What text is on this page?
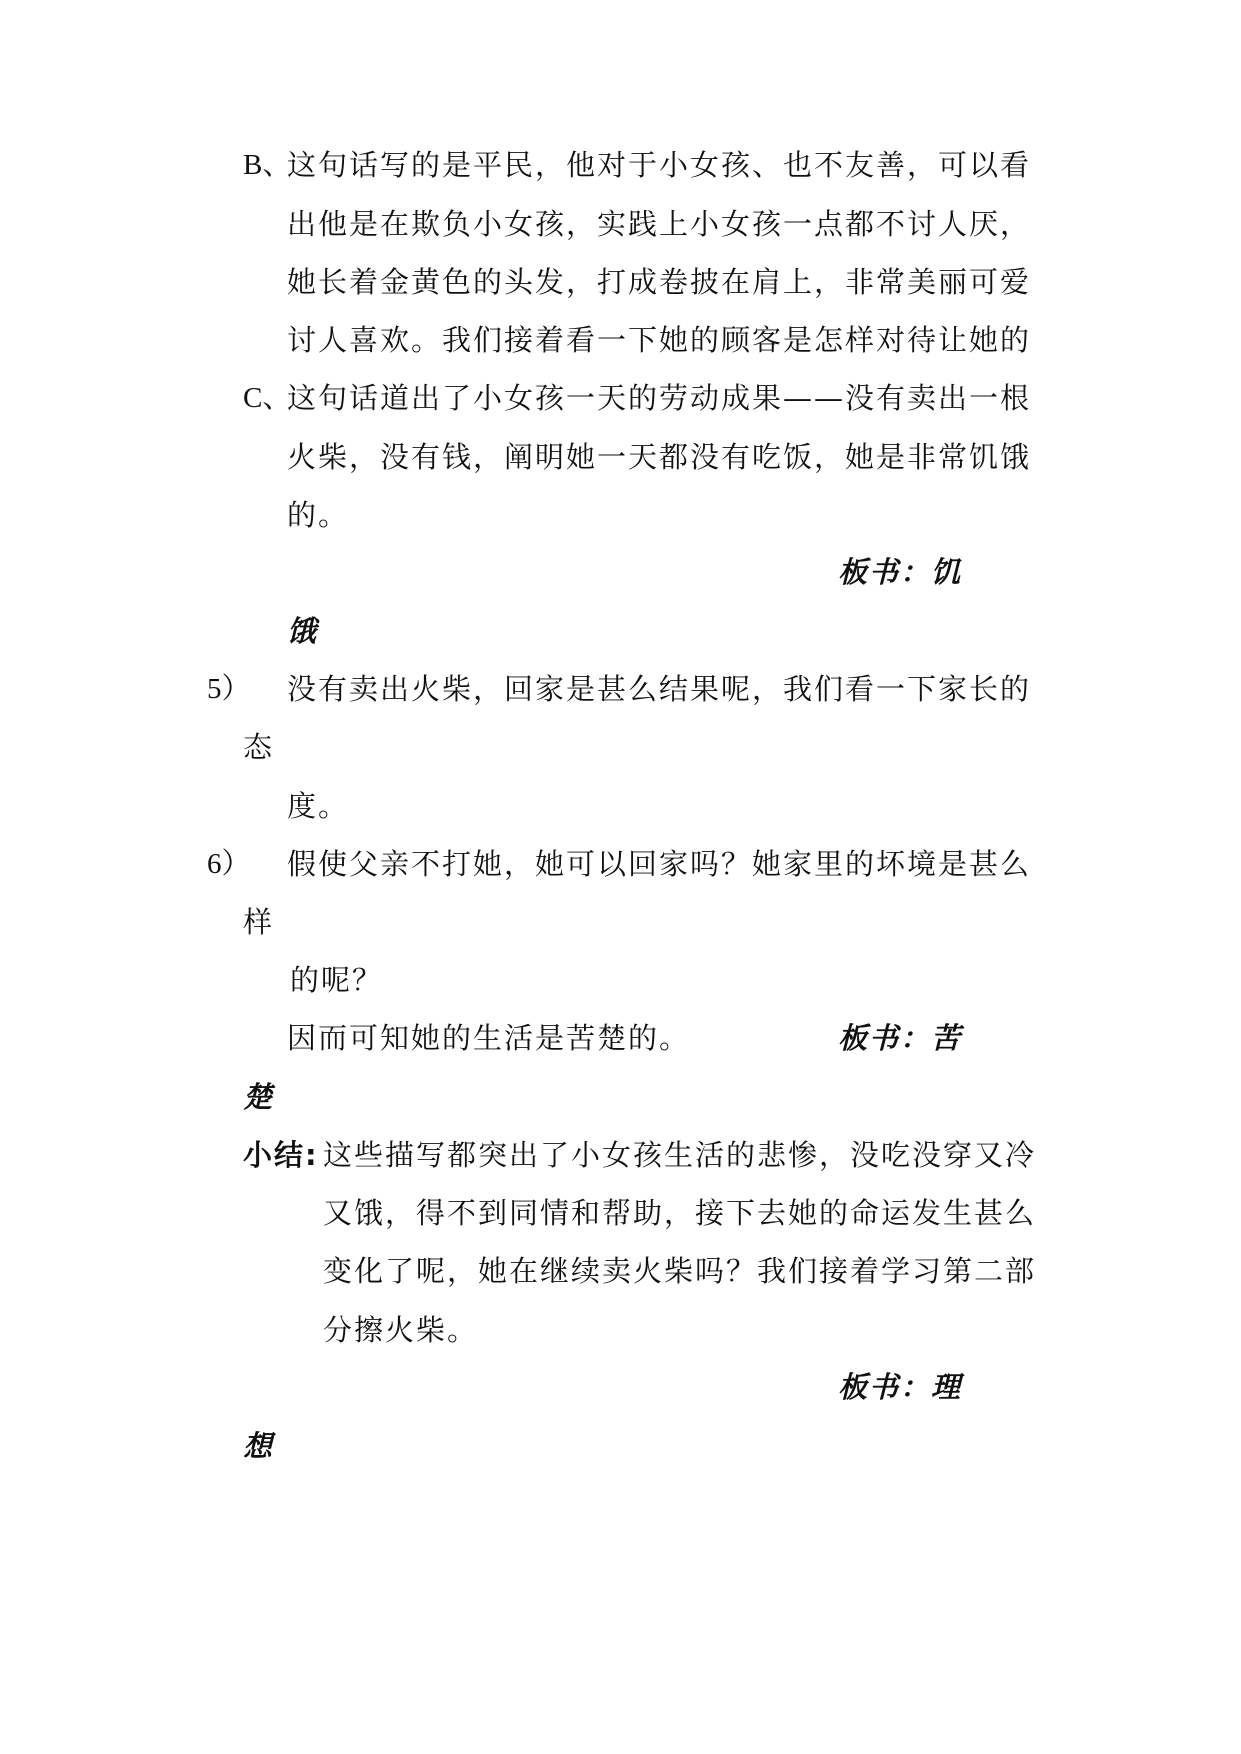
B、
这句话写的是平民，他对于小女孩、也不友善，可以看
出他是在欺负小女孩，实践上小女孩一点都不讨人厌，
她长着金黄色的头发，打成卷披在肩上，非常美丽可爱
讨人喜欢。我们接着看一下她的顾客是怎样对待让她的
C、
这句话道出了小女孩一天的劳动成果——没有卖出一根
火柴，没有钱，阐明她一天都没有吃饭，她是非常饥饿
的。
板书：饥
饿
5） 没有卖出火柴，回家是甚么结果呢，我们看一下家长的
态
度。
6） 假使父亲不打她，她可以回家吗？她家里的坏境是甚么
样
的呢？
因而可知她的生活是苦楚的。	板书：苦
楚
小结: 这些描写都突出了小女孩生活的悲惨，没吃没穿又冷
又饿，得不到同情和帮助，接下去她的命运发生甚么
变化了呢，她在继续卖火柴吗？我们接着学习第二部
分擦火柴。
板书：理
想
